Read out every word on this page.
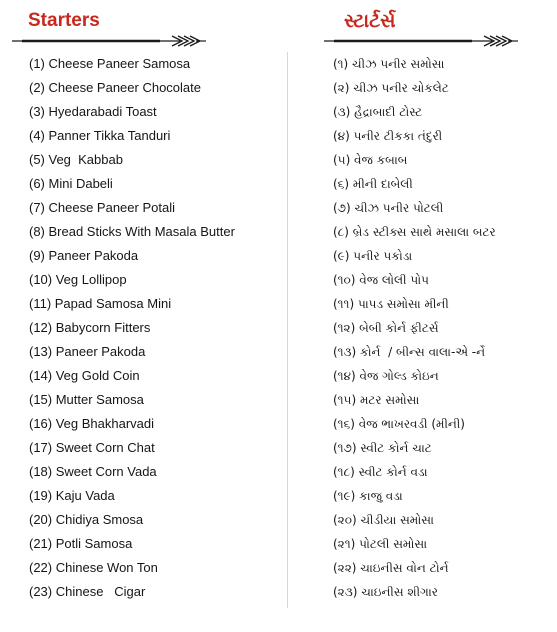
Starters	સ્ટાર્ટર્સ
(1) Cheese Paneer Samosa
(2) Cheese Paneer Chocolate
(3) Hyedarabadi Toast
(4) Panner Tikka Tanduri
(5) Veg  Kabbab
(6) Mini Dabeli
(7) Cheese Paneer Potali
(8) Bread Sticks With Masala Butter
(9) Paneer Pakoda
(10) Veg Lollipop
(11) Papad Samosa Mini
(12) Babycorn Fitters
(13) Paneer Pakoda
(14) Veg Gold Coin
(15) Mutter Samosa
(16) Veg Bhakharvadi
(17) Sweet Corn Chat
(18) Sweet Corn Vada
(19) Kaju Vada
(20) Chidiya Smosa
(21) Potli Samosa
(22) Chinese Won Ton
(23) Chinese   Cigar
(૧) ચીઝ પનીર સમોસા
(૨) ચીઝ પનીર ચોકલેટ
(૩) હૈદ્રાબાદી ટોસ્ટ
(૪) પનીર ટીકકા તંદુરી
(૫) વેજ કબાબ
(૬) મીની દાબેલી
(૭) ચીઝ પનીર પોટલી
(૮) બ્રેડ સ્ટીક્સ સાથે મસાલા બટર
(૯) પનીર પકોડા
(૧૦) વેજ લોલી પોપ
(૧૧) પાપડ સમોસા મીની
(૧૨) બેબી કોર્ન ફીટર્સ
(૧૩) કોર્ન  / બીન્સ વાલા-એ -ર્ને
(૧૪) વેજ ગોલ્ડ કોઇન
(૧૫) મટર સમોસા
(૧૬) વેજ ભાખરવડી (મીની)
(૧૭) સ્વીટ કોર્ન ચાટ
(૧૮) સ્વીટ કોર્ન વડા
(૧૯) કાજુ વડા
(૨૦) ચીડીયા સમોસા
(૨૧) પોટલી સમોસા
(૨૨) ચાઇનીસ વોન ટોર્ન
(૨૩) ચાઇનીસ શીગાર
